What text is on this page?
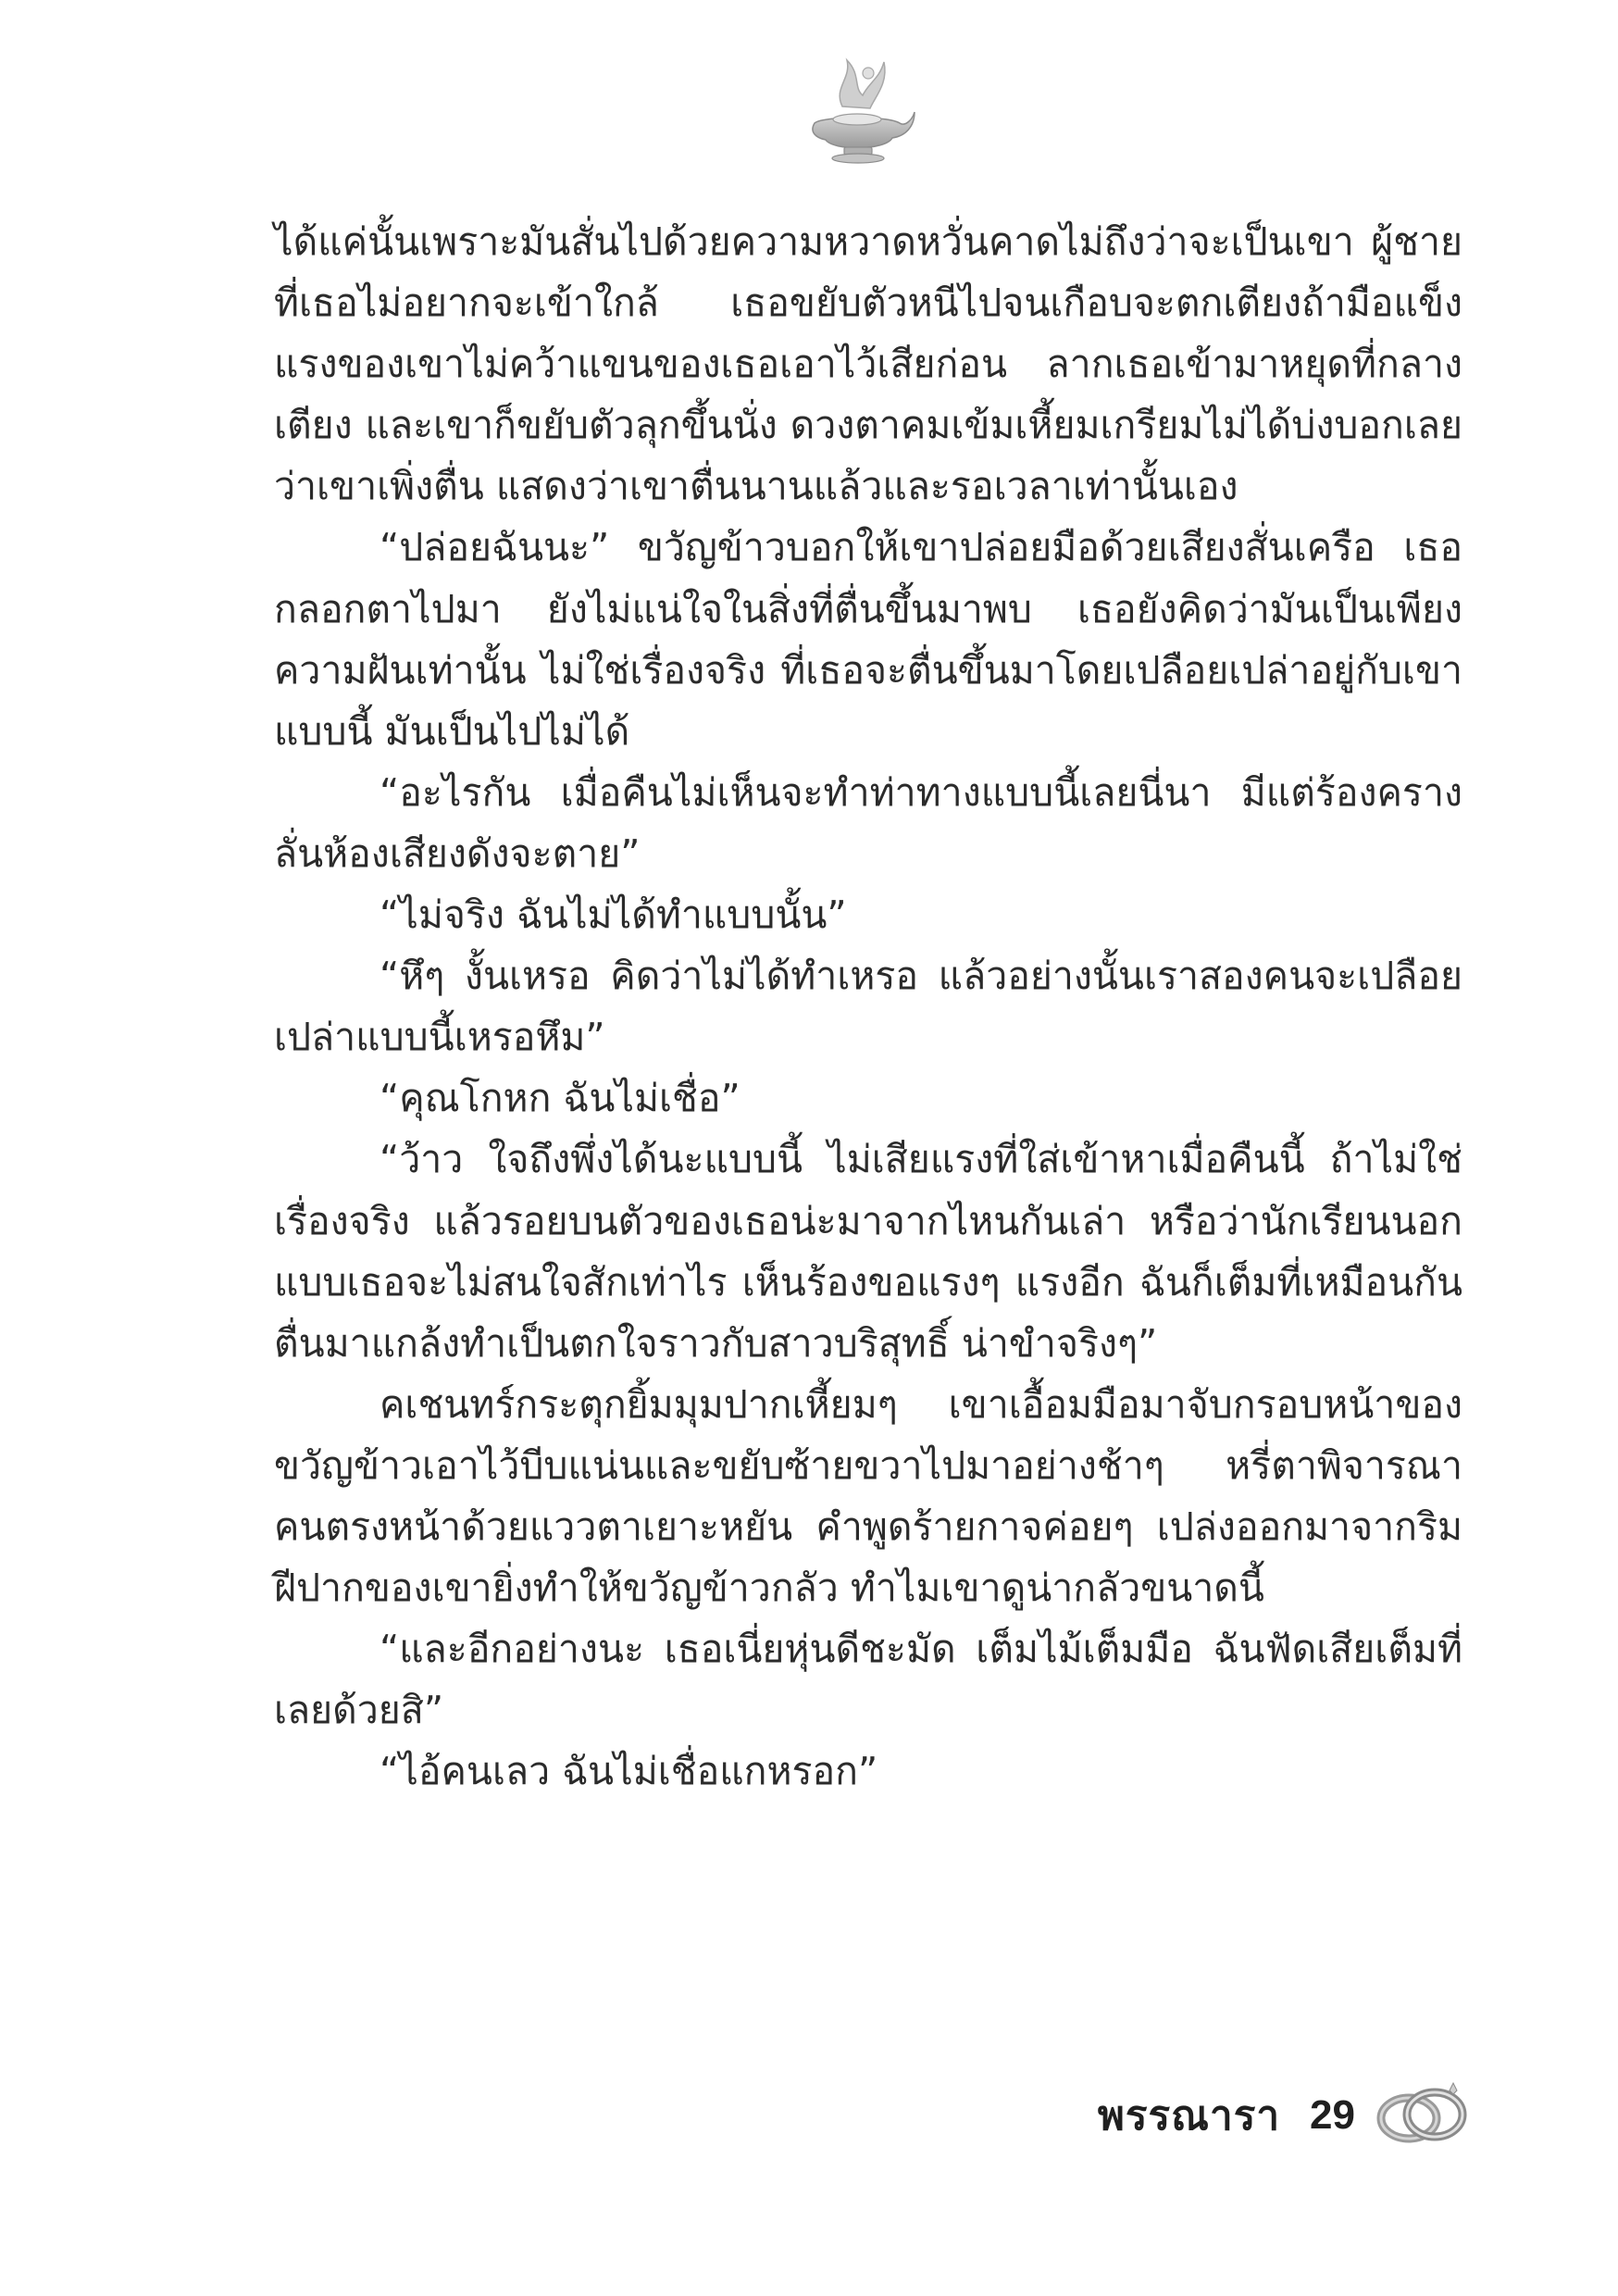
ได้แค่นั้นเพราะมันสั่นไปด้วยความหวาดหวั่นคาดไม่ถึงว่าจะเป็นเขา ผู้ชายที่เธอไม่อยากจะเข้าใกล้ เธอขยับตัวหนีไปจนเกือบจะตกเตียงถ้ามือแข็งแรงของเขาไม่คว้าแขนของเธอเอาไว้เสียก่อน ลากเธอเข้ามาหยุดที่กลางเตียง และเขาก็ขยับตัวลุกขึ้นนั่ง ดวงตาคมเข้มเหี้ยมเกรียมไม่ได้บ่งบอกเลยว่าเขาเพิ่งตื่น แสดงว่าเขาตื่นนานแล้วและรอเวลาเท่านั้นเอง

“ปล่อยฉันนะ” ขวัญข้าวบอกให้เขาปล่อยมือด้วยเสียงสั่นเครือ เธอกลอกตาไปมา ยังไม่แน่ใจในสิ่งที่ตื่นขึ้นมาพบ เธอยังคิดว่ามันเป็นเพียงความฝันเท่านั้น ไม่ใช่เรื่องจริง ที่เธอจะตื่นขึ้นมาโดยเปลือยเปล่าอยู่กับเขาแบบนี้ มันเป็นไปไม่ได้

“อะไรกัน เมื่อคืนไม่เห็นจะทำท่าทางแบบนี้เลยนี่นา มีแต่ร้องครางลั่นห้องเสียงดังจะตาย”

“ไม่จริง ฉันไม่ได้ทำแบบนั้น”

“หึๆ งั้นเหรอ คิดว่าไม่ได้ทำเหรอ แล้วอย่างนั้นเราสองคนจะเปลือยเปล่าแบบนี้เหรอหึม”

“คุณโกหก ฉันไม่เชื่อ”

“ว้าว ใจถึงพึ่งได้นะแบบนี้ ไม่เสียแรงที่ใส่เข้าหาเมื่อคืนนี้ ถ้าไม่ใช่เรื่องจริง แล้วรอยบนตัวของเธอน่ะมาจากไหนกันเล่า หรือว่านักเรียนนอกแบบเธอจะไม่สนใจสักเท่าไร เห็นร้องขอแรงๆ แรงอีก ฉันก็เต็มที่เหมือนกัน ตื่นมาแกล้งทำเป็นตกใจราวกับสาวบริสุทธิ์ น่าขำจริงๆ”

คเชนทร์กระตุกยิ้มมุมปากเหี้ยมๆ เขาเอื้อมมือมาจับกรอบหน้าของขวัญข้าวเอาไว้บีบแน่นและขยับซ้ายขวาไปมาอย่างช้าๆ หรี่ตาพิจารณาคนตรงหน้าด้วยแววตาเยาะหยัน คำพูดร้ายกาจค่อยๆ เปล่งออกมาจากริมฝีปากของเขายิ่งทำให้ขวัญข้าวกลัว ทำไมเขาดูน่ากลัวขนาดนี้

“และอีกอย่างนะ เธอเนี่ยหุ่นดีชะมัด เต็มไม้เต็มมือ ฉันฟัดเสียเต็มที่เลยด้วยสิ”

“ไอ้คนเลว ฉันไม่เชื่อแกหรอก”

พรรณารา 29
